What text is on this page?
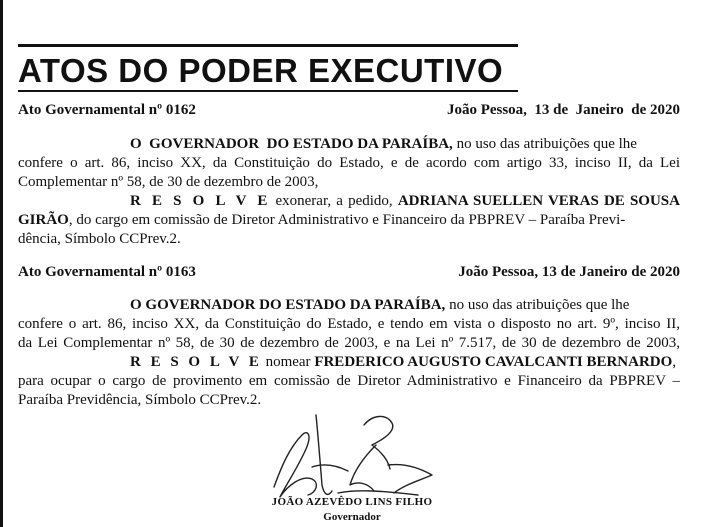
ATOS DO PODER EXECUTIVO
Ato Governamental nº 0162	João Pessoa,  13 de  Janeiro  de 2020
O  GOVERNADOR  DO ESTADO DA PARAÍBA, no uso das atribuições que lhe
confere o art. 86, inciso XX, da Constituição do Estado, e de acordo com artigo 33, inciso II, da Lei
Complementar nº 58, de 30 de dezembro de 2003,
R E S O L V E exonerar, a pedido, ADRIANA SUELLEN VERAS DE SOUSA
GIRÃO, do cargo em comissão de Diretor Administrativo e Financeiro da PBPREV – Paraíba Previ-
dência, Símbolo CCPrev.2.
Ato Governamental nº 0163	João Pessoa, 13 de Janeiro de 2020
O GOVERNADOR DO ESTADO DA PARAÍBA, no uso das atribuições que lhe
confere o art. 86, inciso XX, da Constituição do Estado, e tendo em vista o disposto no art. 9º, inciso II,
da Lei Complementar nº 58, de 30 de dezembro de 2003, e na Lei nº 7.517, de 30 de dezembro de 2003,
R E S O L V E nomear FREDERICO AUGUSTO CAVALCANTI BERNARDO,
para ocupar o cargo de provimento em comissão de Diretor Administrativo e Financeiro da PBPREV –
Paraíba Previdência, Símbolo CCPrev.2.
JOÃO AZEVÊDO LINS FILHO
Governador
